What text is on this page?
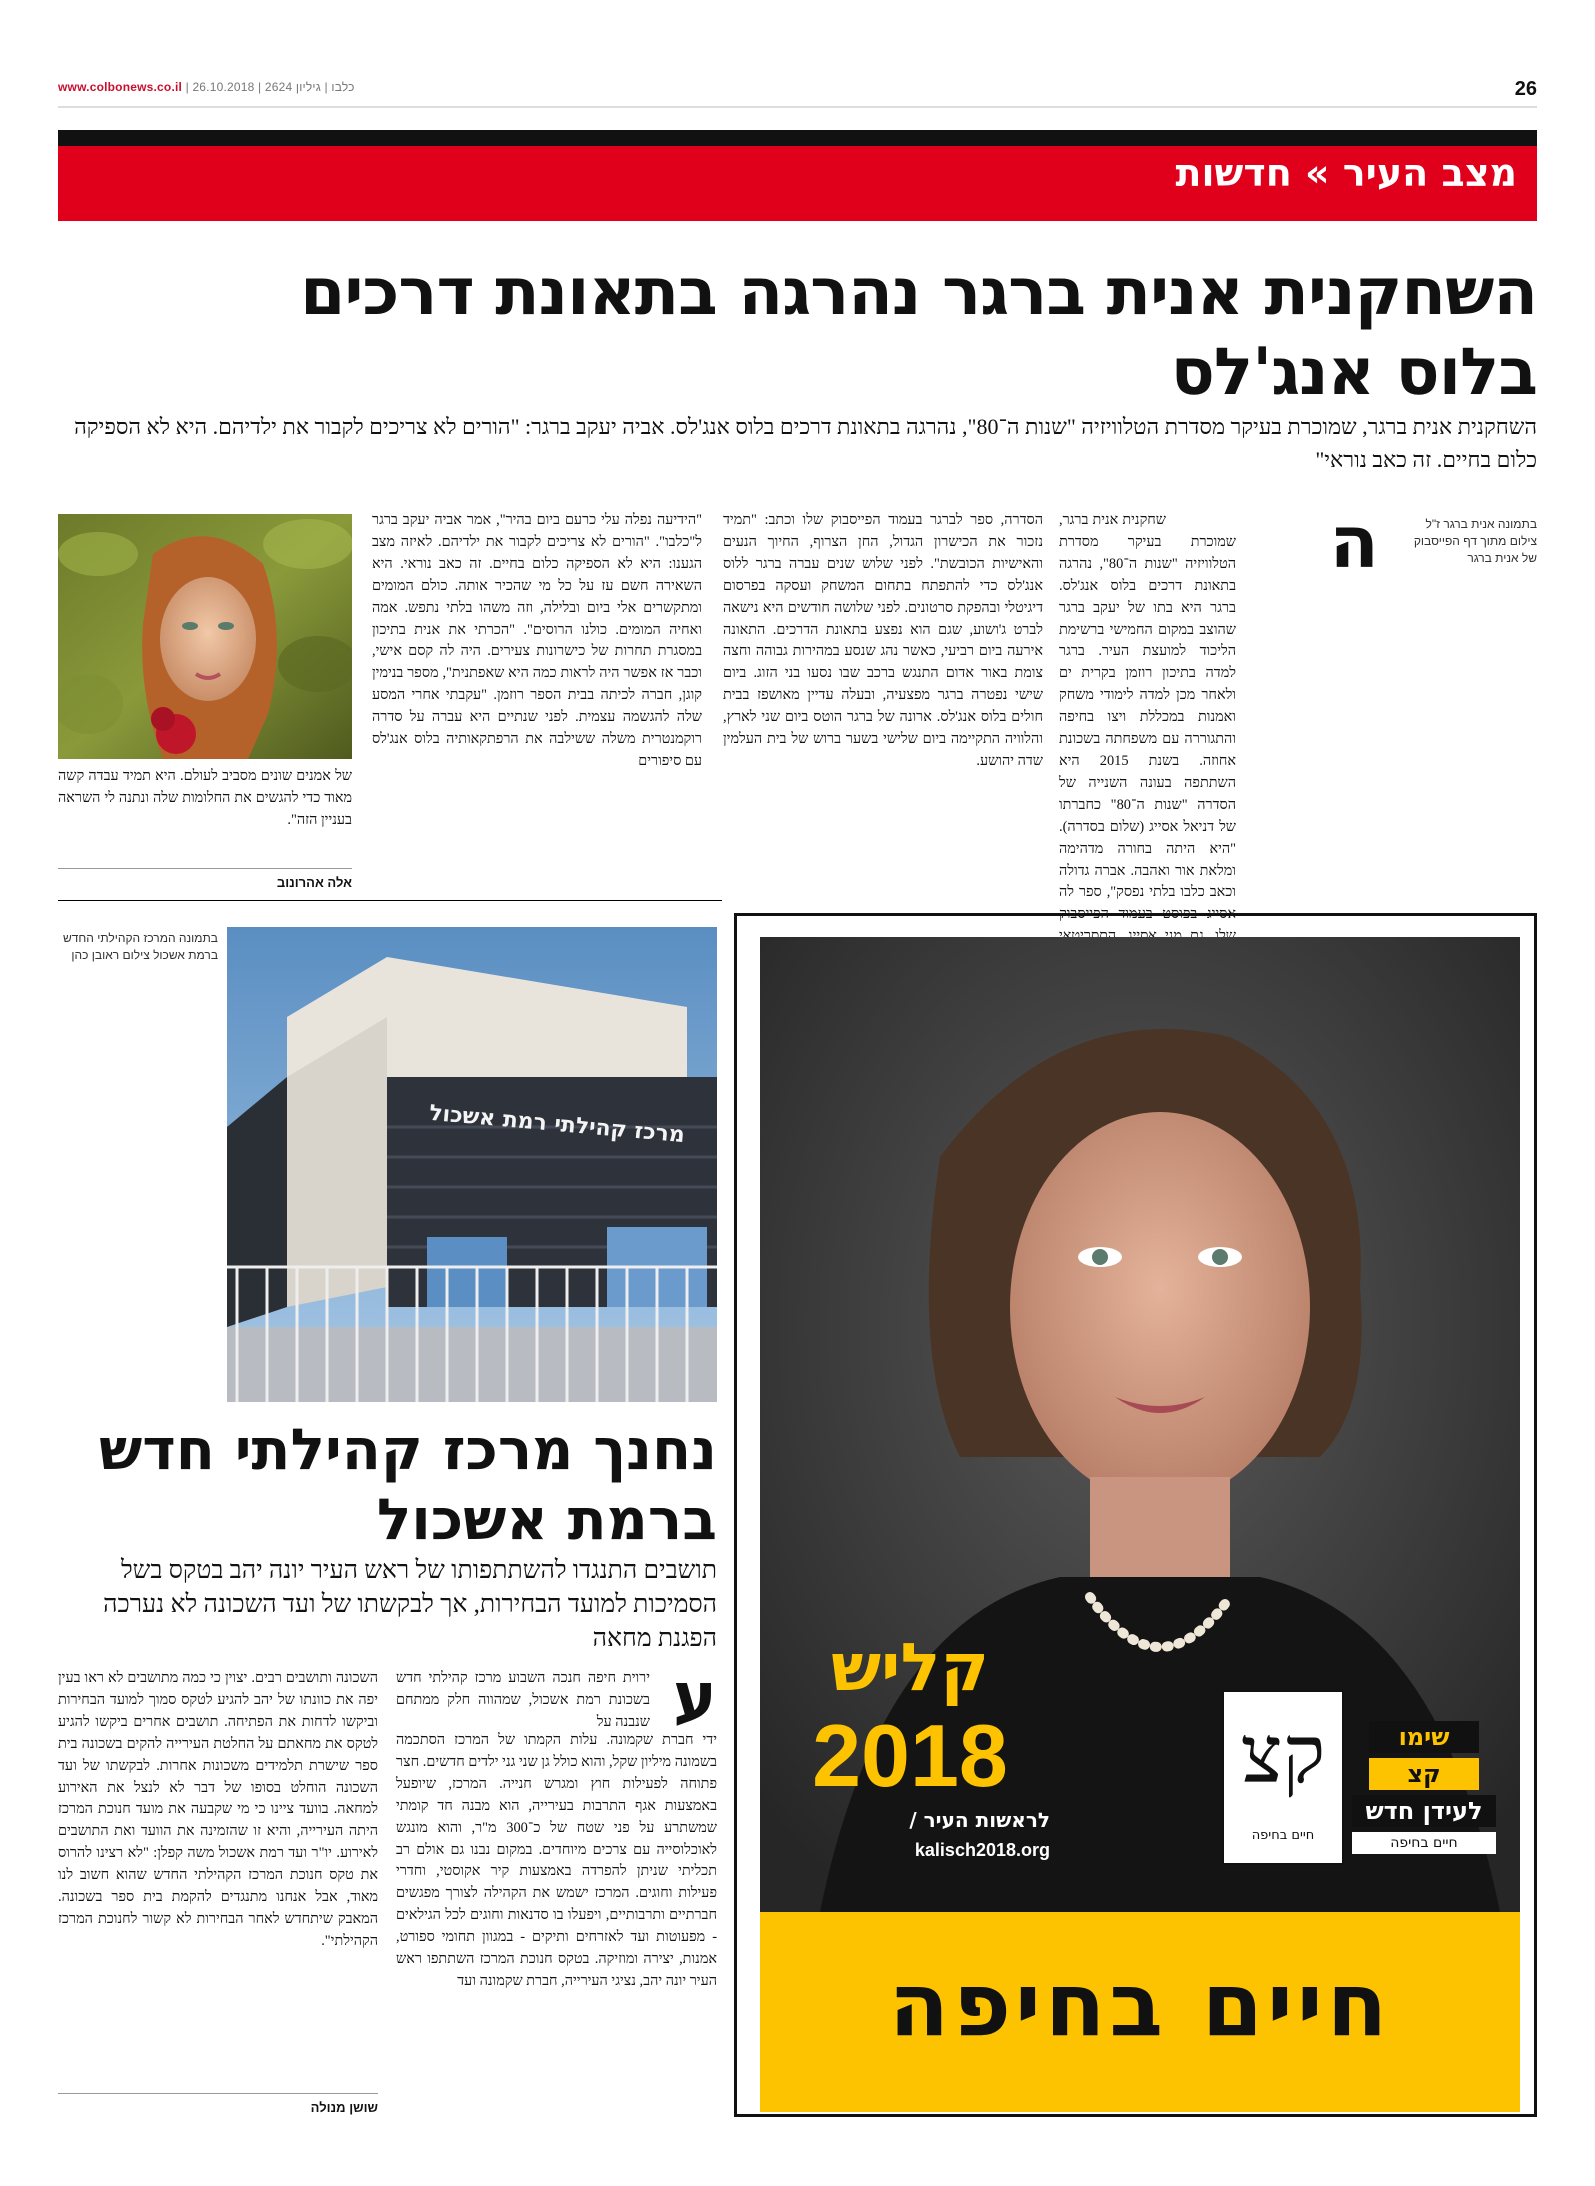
www.colbonews.co.il | כלבו | גיליון 2624 | 26.10.2018	26
מצב העיר » חדשות
השחקנית אנית ברגר נהרגה בתאונת דרכים בלוס אנג'לס
השחקנית אנית ברגר, שמוכרת בעיקר מסדרת הטלוויזיה "שנות ה־80", נהרגה בתאונת דרכים בלוס אנג'לס. אביה יעקב ברגר: "הורים לא צריכים לקבור את ילדיהם. היא לא הספיקה כלום בחיים. זה כאב נוראי"
בתמונה אנית ברגר ז"ל צילום מתוך דף הפייסבוק של אנית ברגר
ה
שחקנית אנית ברגר, שמוכרת בעיקר מסדרת הטלוויזיה "שנות ה־80", נהרגה בתאונת דרכים בלוס אנג'לס. ברגר היא בתו של יעקב ברגר שהוצב במקום החמישי ברשימת הליכוד למועצת העיר. ברגר למדה בתיכון רוזמן בקרית ים ולאחר מכן למדה לימודי משחק ואמנות במכללת ויצו בחיפה והתגוררה עם משפחתה בשכונת אחוזה. בשנת 2015 היא השתתפה בעונה השנייה של הסדרה "שנות ה־80" כחברתו של דניאל אסייג (שלום בסדרה). "היא היתה בחורה מדהימה ומלאת אור ואהבה. אברה גדולה וכאב כלבו בלתי נפסק", ספר לה אסייג בפוסט בעמוד הפייסבוק
הסדרה, ספר לברגר בעמוד הפייסבוק שלו וכתב: "תמיד נזכור את הכישרון הגדול, החן הצרוף, החיוך הנעים והאישיות הכובשת". לפני שלוש שנים עברה ברגר ללוס אנג'לס כדי להתפתח בתחום המשחק ועסקה בפרסום דיגיטלי ובהפקת סרטונים. לפני שלושה חודשים היא נישאה לברט ג'ושוע, שגם הוא נפצע בתאונת הדרכים. התאונה אירעה ביום רביעי, כאשר נהג שנסע במהירות גבוהה וחצה צומת באור אדום התנגש ברכב שבו נסעו בני הזוג. ביום שישי נפטרה ברגר מפצעיה, ובעלה עדיין מאושפז בבית חולים בלוס אנג'לס. ארונה של ברגר הוטס ביום שני לארץ, והלוויה התקיימה ביום שלישי בשער ברוש של בית העלמין שדה יהושע.
"הידיעה נפלה עלי כרעם ביום בהיר", אמר אביה יעקב ברגר ל"כלבו". "הורים לא צריכים לקבור את ילדיהם. לאיזה מצב הגענו: היא לא הספיקה כלום בחיים. זה כאב נוראי. היא השאירה חשם עז על כל מי שהכיר אותה. כולם המומים ומתקשרים אלי ביום ובלילה, וזה משהו בלתי נתפש. אמה ואחיה המומים. כולנו הרוסים". "הכרתי את אנית בתיכון במסגרת תחרות של כישרונות צעירים. היה לה קסם אישי, וכבר אז אפשר היה לראות כמה היא שאפתנית", מספר בנימין קוגן, חברה לכיתה בבית הספר רוזמן. "עקבתי אחרי המסע שלה להגשמה עצמית. לפני שנתיים היא עברה על סדרה רוקמנטרית משלה ששילבה את הרפתקאותיה בלוס אנג'לס עם סיפורים
של אמנים שונים מסביב לעולם. היא תמיד עבדה קשה מאוד כדי להגשים את החלומות שלה ונתנה לי השראה בעניין הזה".
אלה אהרונוב
בתמונה המרכז הקהילתי החדש ברמת אשכול צילום ראובן כהן
מרכז קהילתי רמת אשכול
נחנך מרכז קהילתי חדש ברמת אשכול
תושבים התנגדו להשתתפותו של ראש העיר יונה יהב בטקס בשל הסמיכות למועד הבחירות, אך לבקשתו של ועד השכונה לא נערכה הפגנת מחאה
ע
ירוית חיפה חנכה השבוע מרכז קהילתי חדש בשכונת רמת אשכול, שמהווה חלק ממתחם שנבנה על
ידי חברת שקמונה. עלות הקמתו של המרכז הסתכמה בשמונה מיליון שקל, והוא כולל גן שני גני ילדים חדשים. חצר פתוחה לפעילות חוץ ומגרש חנייה. המרכז, שיופעל באמצעות אגף התרבות בעירייה, הוא מבנה חד קומתי שמשתרע על פני שטח של כ־300 מ"ר, והוא מונגש לאוכלוסייה עם צרכים מיוחדים. במקום נבנו גם אולם רב תכליתי שניתן להפרדה באמצעות קיר אקוסטי, וחדרי פעילות וחוגים. המרכז ישמש את הקהילה לצורך מפגשים חברתיים ותרבותיים, ויפעלו בו סדנאות וחוגים לכל הגילאים - מפעוטות ועד לאזרחים ותיקים - במגוון תחומי ספורט, אמנות, יצירה ומוזיקה. בטקס חנוכת המרכז השתתפו ראש העיר יונה יהב, נציגי העירייה, חברת שקמונה ועד
השכונה ותושבים רבים. יצוין כי כמה מתושבים לא ראו בעין יפה את כוונתו של יהב להגיע לטקס סמוך למועד הבחירות וביקשו לדחות את הפתיחה. תושבים אחרים ביקשו להגיע לטקס את מחאתם על החלטת העירייה להקים בשכונה בית ספר שישרת תלמידים משכונות אחרות. לבקשתו של ועד השכונה הוחלט בסופו של דבר לא לנצל את האירוע למחאה. בוועד ציינו כי מי שקבעה את מועד חנוכת המרכז היתה העירייה, והיא זו שהזמינה את הוועד ואת התושבים לאירוע. יו"ר ועד רמת אשכול משה קפלן: "לא רצינו להרוס את טקס חנוכת המרכז הקהילתי החדש שהוא חשוב לנו מאוד, אבל אנחנו מתנגדים להקמת בית ספר בשכונה. המאבק שיתחדש לאחר הבחירות לא קשור לחנוכת המרכז הקהילתי".
שושן מנולה
קליש
2018
לראשות העיר /
kalisch2018.org
קצ
חיים בחיפה
שימו
קצ
לעידן חדש
חיים בחיפה
חיים בחיפה
